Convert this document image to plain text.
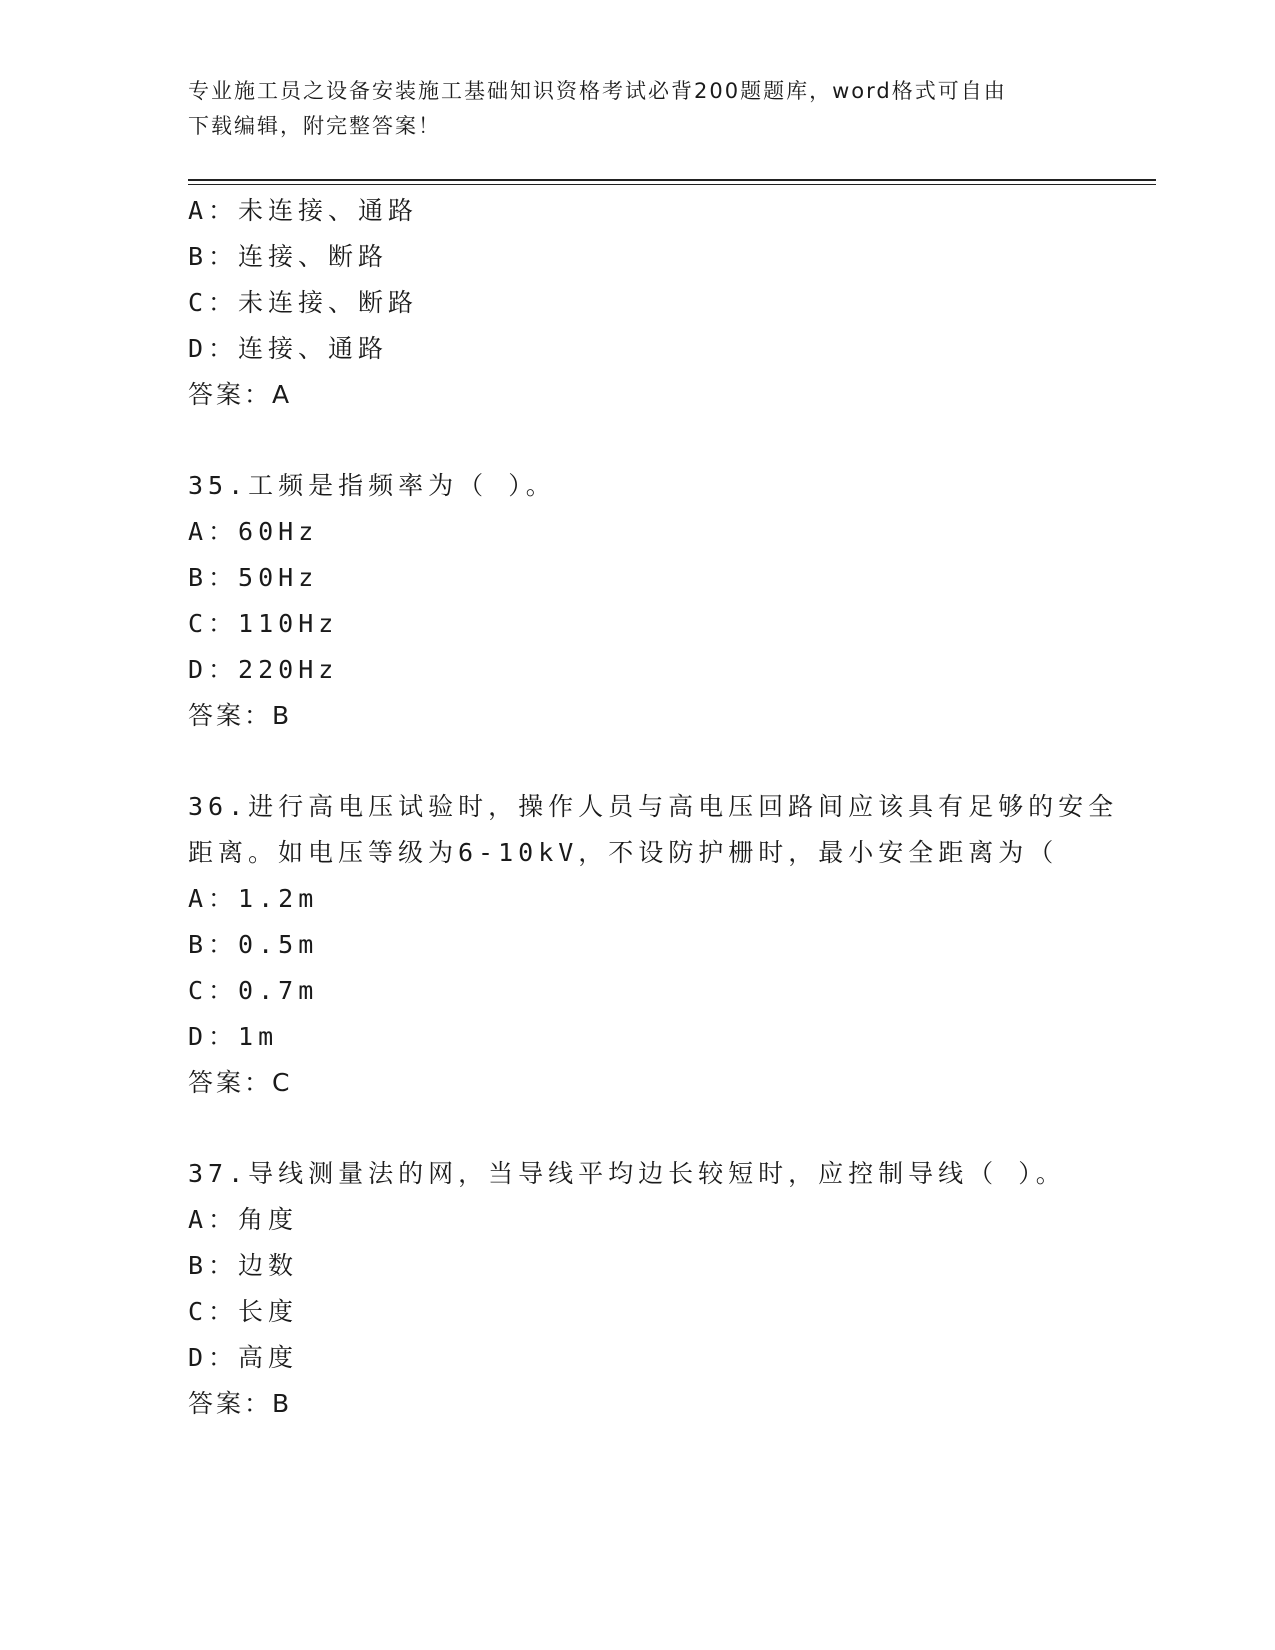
专业施工员之设备安装施工基础知识资格考试必背200题题库，word格式可自由
下载编辑，附完整答案！
A：未连接、通路
B：连接、断路
C：未连接、断路
D：连接、通路
答案：A
35.工频是指频率为（ ）。
A：60Hz
B：50Hz
C：110Hz
D：220Hz
答案：B
36.进行高电压试验时，操作人员与高电压回路间应该具有足够的安全
距离。如电压等级为6-10kV，不设防护栅时，最小安全距离为（
A：1.2m
B：0.5m
C：0.7m
D：1m
答案：C
37.导线测量法的网，当导线平均边长较短时，应控制导线（ ）。
A：角度
B：边数
C：长度
D：高度
答案：B
